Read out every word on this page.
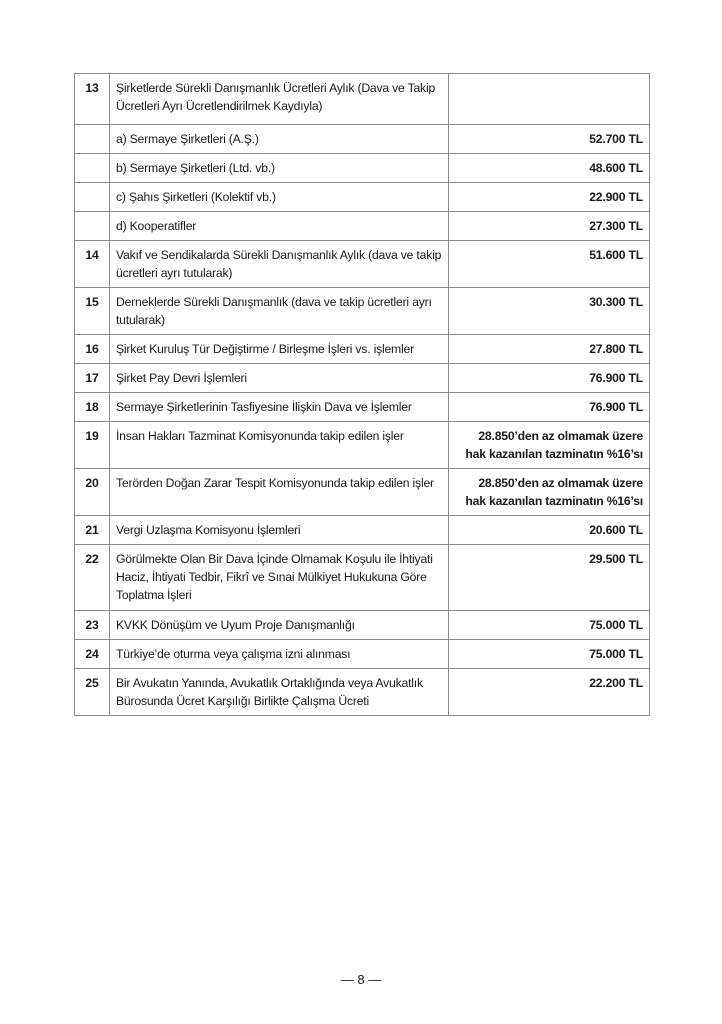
13	Şirketlerde Sürekli Danışmanlık Ücretleri Aylık (Dava ve Takip Ücretleri Ayrı Ücretlendirilmek Kaydıyla)	
	a) Sermaye Şirketleri (A.Ş.)	52.700 TL
	b) Sermaye Şirketleri (Ltd. vb.)	48.600 TL
	c) Şahıs Şirketleri (Kolektif vb.)	22.900 TL
	d) Kooperatifler	27.300 TL
14	Vakıf ve Sendikalarda Sürekli Danışmanlık Aylık (dava ve takip ücretleri ayrı tutularak)	51.600 TL
15	Derneklerde Sürekli Danışmanlık (dava ve takip ücretleri ayrı tutularak)	30.300 TL
16	Şirket Kuruluş Tür Değiştirme / Birleşme İşleri vs. işlemler	27.800 TL
17	Şirket Pay Devri İşlemleri	76.900 TL
18	Sermaye Şirketlerinin Tasfiyesine İlişkin Dava ve İşlemler	76.900 TL
19	İnsan Hakları Tazminat Komisyonunda takip edilen işler	28.850’den az olmamak üzere
hak kazanılan tazminatın %16’sı

20	Terörden Doğan Zarar Tespit Komisyonunda takip edilen işler	28.850’den az olmamak üzere
hak kazanılan tazminatın %16’sı

21	Vergi Uzlaşma Komisyonu İşlemleri	20.600 TL
22	Görülmekte Olan Bir Dava İçinde Olmamak Koşulu ile İhtiyati Haciz, İhtiyati Tedbir, Fikrî ve Sınai Mülkiyet Hukukuna Göre Toplatma İşleri	29.500 TL
23	KVKK Dönüşüm ve Uyum Proje Danışmanlığı	75.000 TL
24	Türkiye’de oturma veya çalışma izni alınması	75.000 TL
25	Bir Avukatın Yanında, Avukatlık Ortaklığında veya Avukatlık Bürosunda Ücret Karşılığı Birlikte Çalışma Ücreti	22.200 TL
— 8 —
